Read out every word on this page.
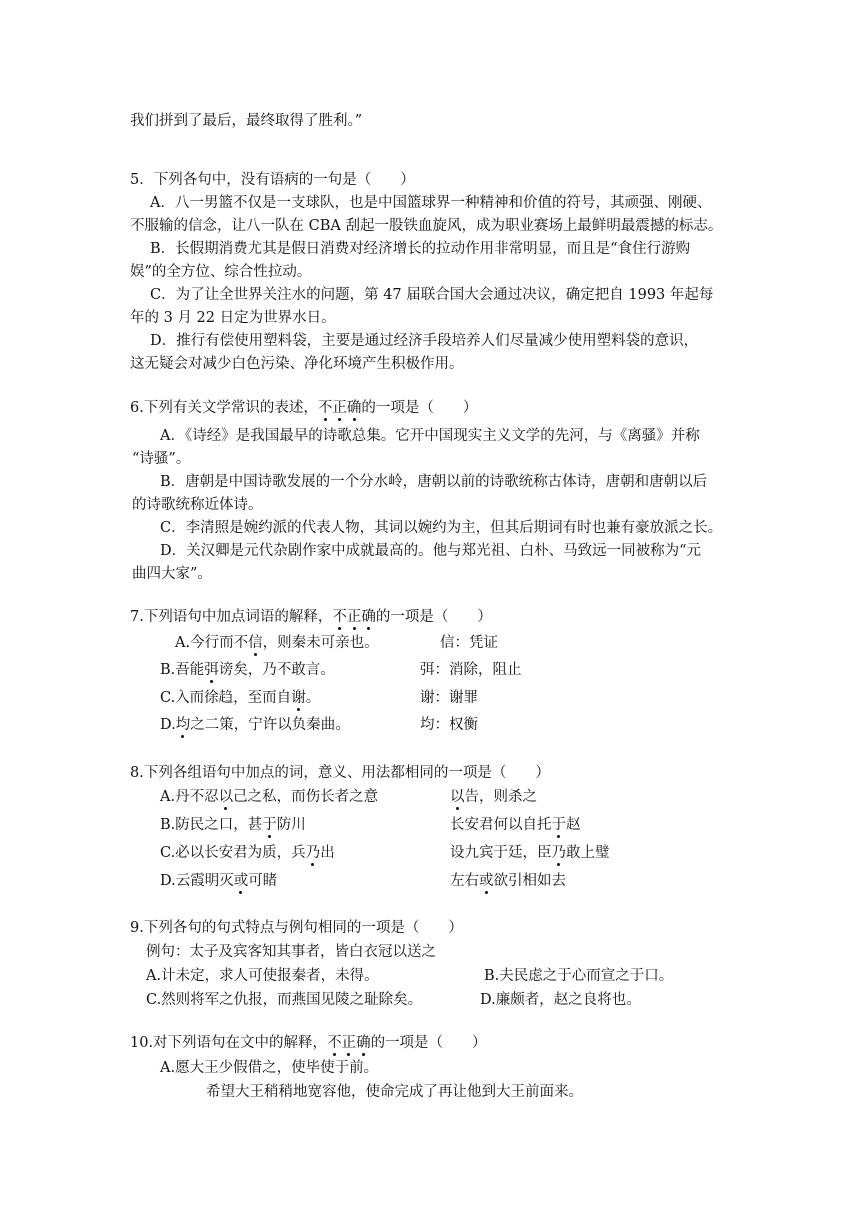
我们拼到了最后，最终取得了胜利。”
5．下列各句中，没有语病的一句是（　　）
A．八一男篮不仅是一支球队，也是中国篮球界一种精神和价值的符号，其顽强、刚硬、
不服输的信念，让八一队在 CBA 刮起一股铁血旋风，成为职业赛场上最鲜明最震撼的标志。
B．长假期消费尤其是假日消费对经济增长的拉动作用非常明显，而且是“食住行游购
娱”的全方位、综合性拉动。
C．为了让全世界关注水的问题，第 47 届联合国大会通过决议，确定把自 1993 年起每
年的 3 月 22 日定为世界水日。
D．推行有偿使用塑料袋，主要是通过经济手段培养人们尽量减少使用塑料袋的意识，
这无疑会对减少白色污染、净化环境产生积极作用。
6.下列有关文学常识的表述，不正确的一项是（　　）
A．《诗经》是我国最早的诗歌总集。它开中国现实主义文学的先河，与《离骚》并称
“诗骚”。
B．唐朝是中国诗歌发展的一个分水岭，唐朝以前的诗歌统称古体诗，唐朝和唐朝以后
的诗歌统称近体诗。
C．李清照是婉约派的代表人物，其词以婉约为主，但其后期词有时也兼有豪放派之长。
D．关汉卿是元代杂剧作家中成就最高的。他与郑光祖、白朴、马致远一同被称为“元
曲四大家”。
7.下列语句中加点词语的解释，不正确的一项是（　　）
A.今行而不信，则秦未可亲也。	信：凭证
B.吾能弭谤矣，乃不敢言。	弭：消除，阻止
C.入而徐趋，至而自谢。	谢：谢罪
D.均之二策，宁许以负秦曲。	均：权衡
8.下列各组语句中加点的词，意义、用法都相同的一项是（　　）
A.丹不忍以己之私，而伤长者之意	以告，则杀之
B.防民之口，甚于防川	长安君何以自托于赵
C.必以长安君为质，兵乃出	设九宾于廷，臣乃敢上璧
D.云霞明灭或可睹	左右或欲引相如去
9.下列各句的句式特点与例句相同的一项是（　　）
例句：太子及宾客知其事者，皆白衣冠以送之
A.计未定，求人可使报秦者，未得。	B.夫民虑之于心而宣之于口。
C.然则将军之仇报，而燕国见陵之耻除矣。	D.廉颇者，赵之良将也。
10.对下列语句在文中的解释，不正确的一项是（　　）
A.愿大王少假借之，使毕使于前。
希望大王稍稍地宽容他，使命完成了再让他到大王前面来。
